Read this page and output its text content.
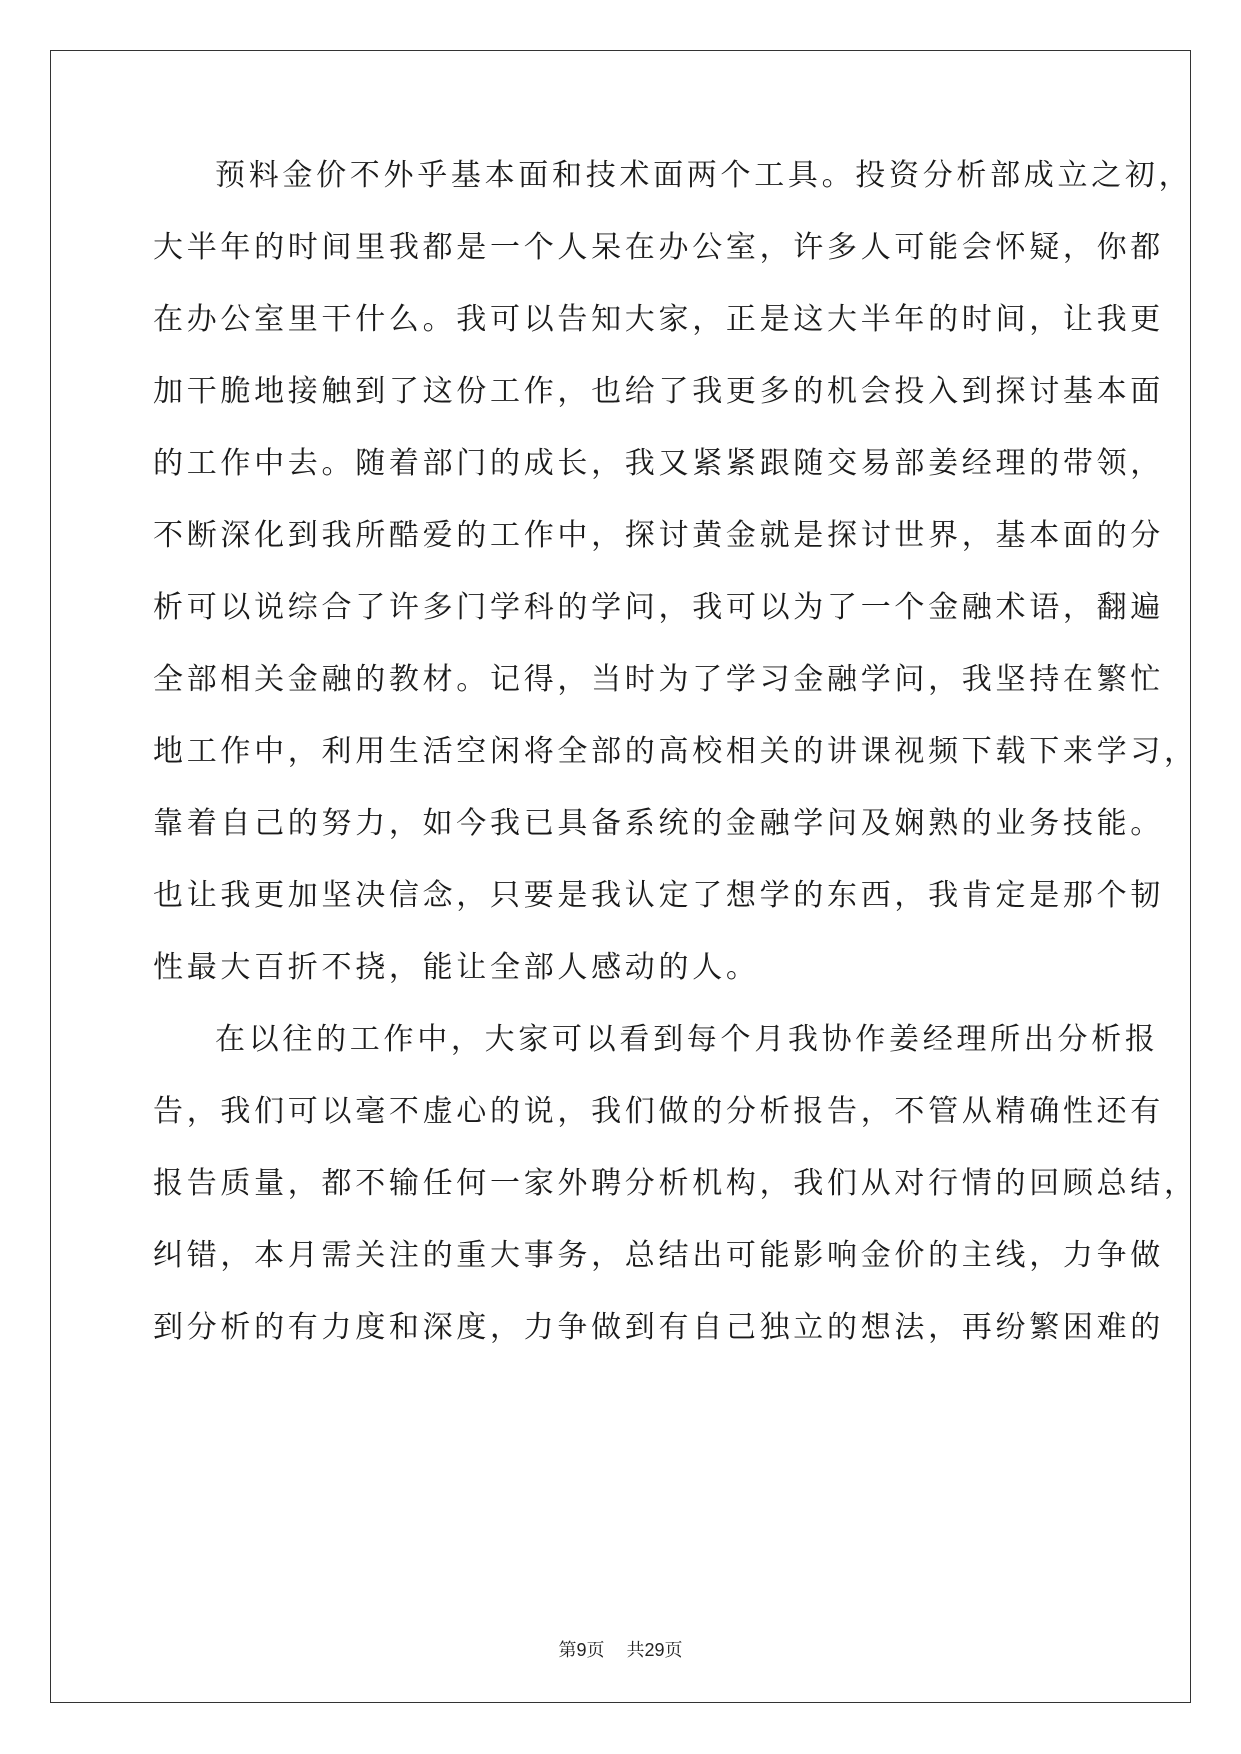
预料金价不外乎基本面和技术面两个工具。投资分析部成立之初，
大半年的时间里我都是一个人呆在办公室，许多人可能会怀疑，你都
在办公室里干什么。我可以告知大家，正是这大半年的时间，让我更
加干脆地接触到了这份工作，也给了我更多的机会投入到探讨基本面
的工作中去。随着部门的成长，我又紧紧跟随交易部姜经理的带领，
不断深化到我所酷爱的工作中，探讨黄金就是探讨世界，基本面的分
析可以说综合了许多门学科的学问，我可以为了一个金融术语，翻遍
全部相关金融的教材。记得，当时为了学习金融学问，我坚持在繁忙
地工作中，利用生活空闲将全部的高校相关的讲课视频下载下来学习，
靠着自己的努力，如今我已具备系统的金融学问及娴熟的业务技能。
也让我更加坚决信念，只要是我认定了想学的东西，我肯定是那个韧
性最大百折不挠，能让全部人感动的人。
在以往的工作中，大家可以看到每个月我协作姜经理所出分析报
告，我们可以毫不虚心的说，我们做的分析报告，不管从精确性还有
报告质量，都不输任何一家外聘分析机构，我们从对行情的回顾总结，
纠错，本月需关注的重大事务，总结出可能影响金价的主线，力争做
到分析的有力度和深度，力争做到有自己独立的想法，再纷繁困难的
第9页 共29页
